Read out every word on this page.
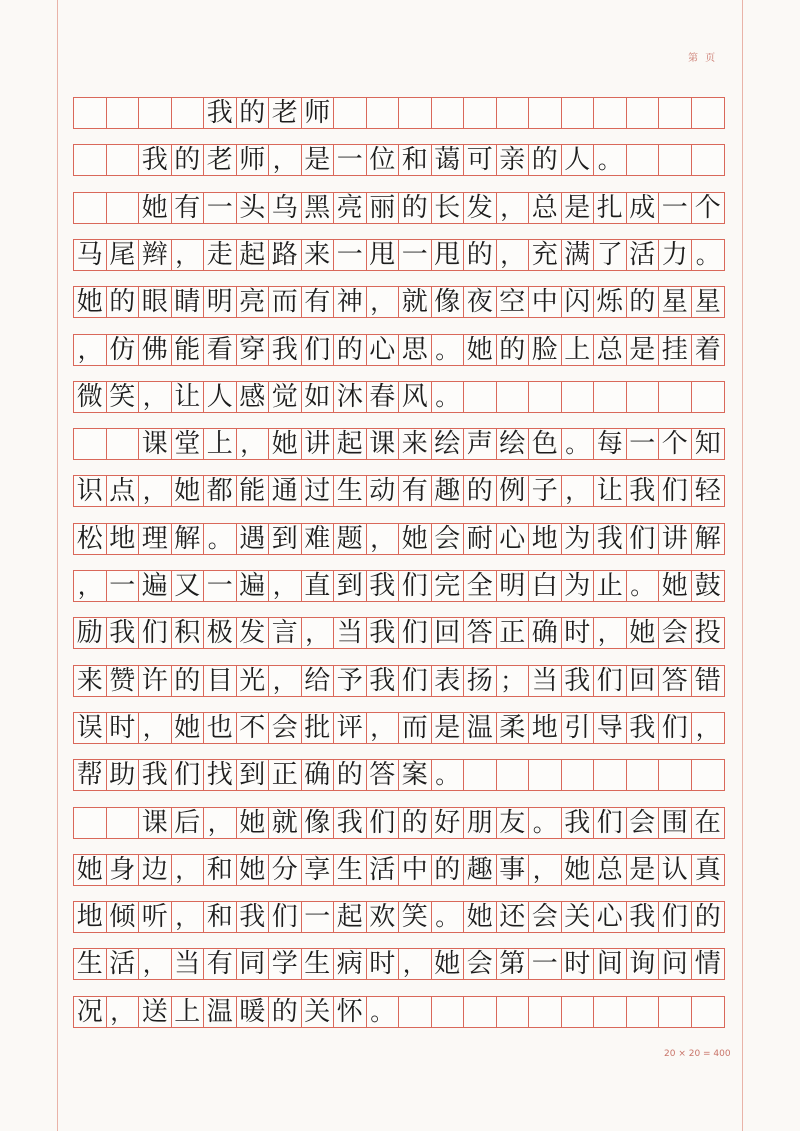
第 页
我 的 老 师
我 的 老 师 ， 是 一 位 和 蔼 可 亲 的 人 。
她 有 一 头 乌 黑 亮 丽 的 长 发 ， 总 是 扎 成 一 个
马 尾 辫 ， 走 起 路 来 一 甩 一 甩 的 ， 充 满 了 活 力 。
她 的 眼 睛 明 亮 而 有 神 ， 就 像 夜 空 中 闪 烁 的 星 星
， 仿 佛 能 看 穿 我 们 的 心 思 。 她 的 脸 上 总 是 挂 着
微 笑 ， 让 人 感 觉 如 沐 春 风 。
课 堂 上 ， 她 讲 起 课 来 绘 声 绘 色 。 每 一 个 知
识 点 ， 她 都 能 通 过 生 动 有 趣 的 例 子 ， 让 我 们 轻
松 地 理 解 。 遇 到 难 题 ， 她 会 耐 心 地 为 我 们 讲 解
， 一 遍 又 一 遍 ， 直 到 我 们 完 全 明 白 为 止 。 她 鼓
励 我 们 积 极 发 言 ， 当 我 们 回 答 正 确 时 ， 她 会 投
来 赞 许 的 目 光 ， 给 予 我 们 表 扬 ； 当 我 们 回 答 错
误 时 ， 她 也 不 会 批 评 ， 而 是 温 柔 地 引 导 我 们 ，
帮 助 我 们 找 到 正 确 的 答 案 。
课 后 ， 她 就 像 我 们 的 好 朋 友 。 我 们 会 围 在
她 身 边 ， 和 她 分 享 生 活 中 的 趣 事 ， 她 总 是 认 真
地 倾 听 ， 和 我 们 一 起 欢 笑 。 她 还 会 关 心 我 们 的
生 活 ， 当 有 同 学 生 病 时 ， 她 会 第 一 时 间 询 问 情
况 ， 送 上 温 暖 的 关 怀 。
20 × 20 = 400
